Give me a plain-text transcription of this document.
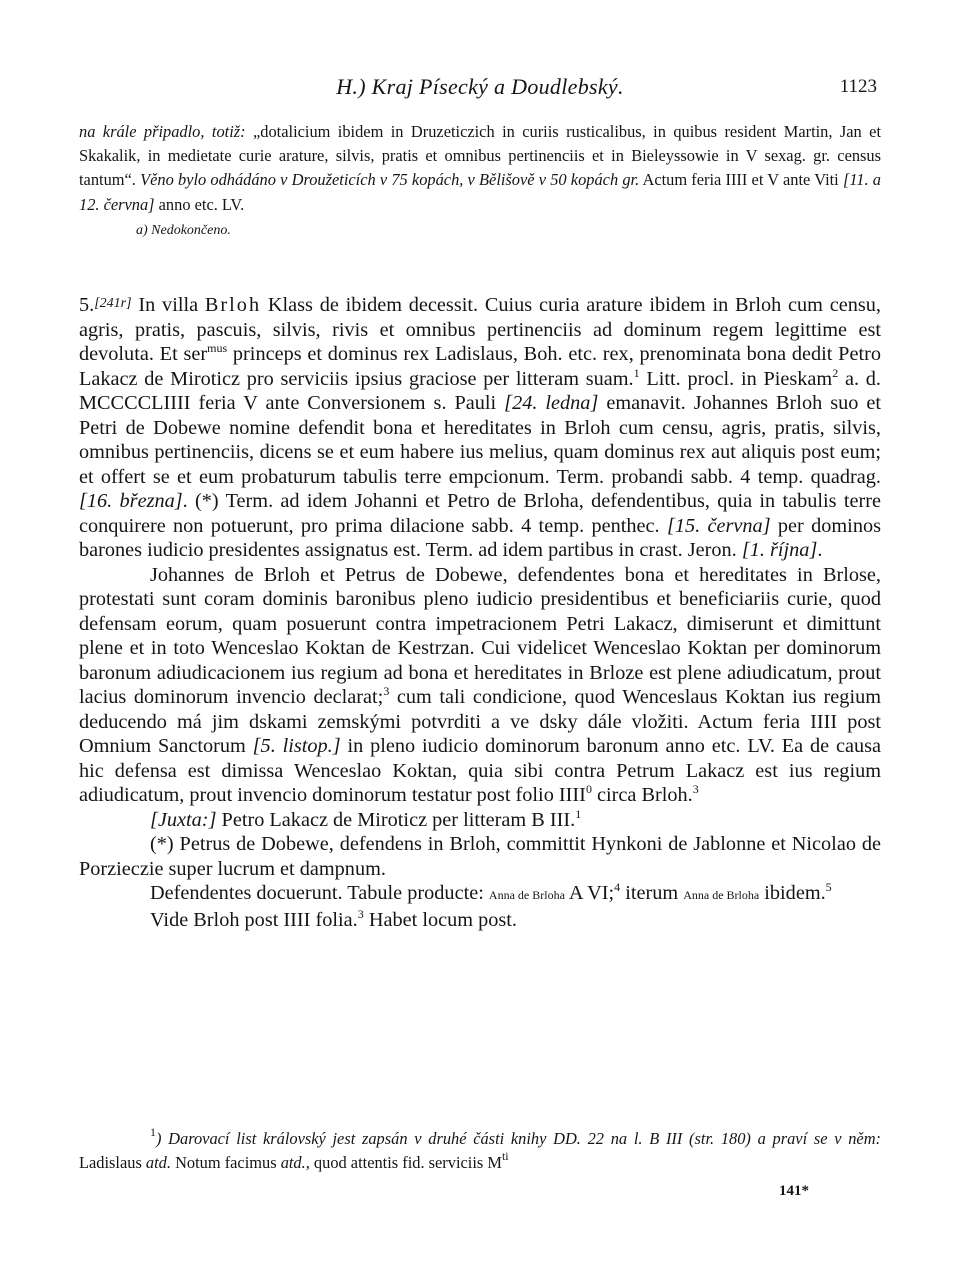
H.) Kraj Písecký a Doudlebský.	1123

na krále připadlo, totiž: „dotalicium ibidem in Druzeticzich in curiis rusticalibus, in quibus resident Martin, Jan et Skakalik, in medietate curie arature, silvis, pratis et omnibus pertinenciis et in Bieleyssowie in V sexag. gr. census tantum“. Věno bylo odhádáno v Droužeticích v 75 kopách, v Bělišově v 50 kopách gr. Actum feria IIII et V ante Viti [11. a 12. června] anno etc. LV.

a) Nedokončeno.

5.[241r] In villa Brloh Klass de ibidem decessit. Cuius curia arature ibidem in Brloh cum censu, agris, pratis, pascuis, silvis, rivis et omnibus pertinenciis ad dominum regem legittime est devoluta. Et ser$^{mus}$ princeps et dominus rex Ladislaus, Boh. etc. rex, prenominata bona dedit Petro Lakacz de Miroticz pro serviciis ipsius graciose per litteram suam.$^1$ Litt. procl. in Pieskam$^2$ a. d. MCCCCLIIII feria V ante Conversionem s. Pauli [24. ledna] emanavit. Johannes Brloh suo et Petri de Dobewe nomine defendit bona et hereditates in Brloh cum censu, agris, pratis, silvis, omnibus pertinenciis, dicens se et eum habere ius melius, quam dominus rex aut aliquis post eum; et offert se et eum probaturum tabulis terre empcionum. Term. probandi sabb. 4 temp. quadrag. [16. března]. (*) Term. ad idem Johanni et Petro de Brloha, defendentibus, quia in tabulis terre conquirere non potuerunt, pro prima dilacione sabb. 4 temp. penthec. [15. června] per dominos barones iudicio presidentes assignatus est. Term. ad idem partibus in crast. Jeron. [1. října].

Johannes de Brloh et Petrus de Dobewe, defendentes bona et hereditates in Brlose, protestati sunt coram dominis baronibus pleno iudicio presidentibus et beneficiariis curie, quod defensam eorum, quam posuerunt contra impetracionem Petri Lakacz, dimiserunt et dimittunt plene et in toto Wenceslao Koktan de Kestrzan. Cui videlicet Wenceslao Koktan per dominorum baronum adiudicacionem ius regium ad bona et hereditates in Brloze est plene adiudicatum, prout lacius dominorum invencio declarat;$^3$ cum tali condicione, quod Wenceslaus Koktan ius regium deducendo má jim dskami zemskými potvrditi a ve dsky dále vložiti. Actum feria IIII post Omnium Sanctorum [5. listop.] in pleno iudicio dominorum baronum anno etc. LV. Ea de causa hic defensa est dimissa Wenceslao Koktan, quia sibi contra Petrum Lakacz est ius regium adiudicatum, prout invencio dominorum testatur post folio IIII$^0$ circa Brloh.$^3$

[Juxta:] Petro Lakacz de Miroticz per litteram B III.$^1$

(*) Petrus de Dobewe, defendens in Brloh, committit Hynkoni de Jablonne et Nicolao de Porzieczie super lucrum et dampnum.

Defendentes docuerunt. Tabule producte: Anna de Brloha A VI;$^4$ iterum Anna de Brloha ibidem.$^5$

Vide Brloh post IIII folia.$^3$ Habet locum post.

$^1$) Darovací list královský jest zapsán v druhé části knihy DD. 22 na l. B III (str. 180) a praví se v něm: Ladislaus atd. Notum facimus atd., quod attentis fid. serviciis $M^{ti}$

141*
